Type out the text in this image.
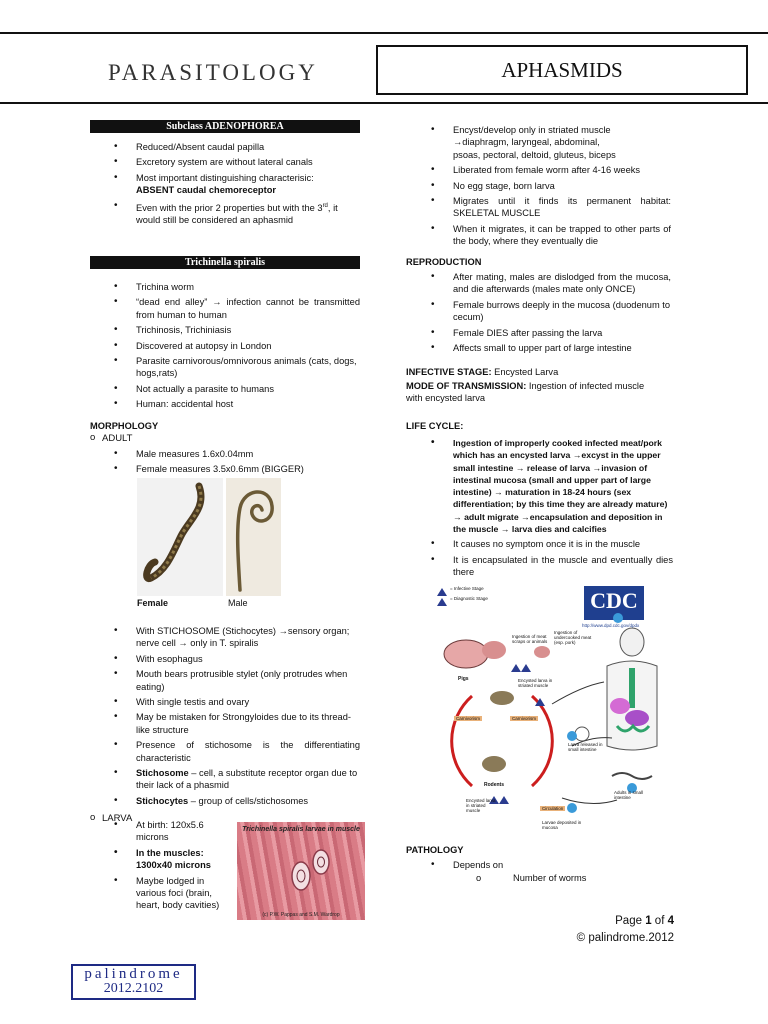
PARASITOLOGY	APHASMIDS
Subclass ADENOPHOREA
• Reduced/Absent caudal papilla
• Excretory system are without lateral canals
• Most important distinguishing characterisic:
ABSENT caudal chemoreceptor
• Even with the prior 2 properties but with the 3rd, it would still be considered an aphasmid
Trichinella spiralis
• Trichina worm
• “dead end alley” → infection cannot be transmitted from human to human
• Trichinosis, Trichiniasis
• Discovered at autopsy in London
• Parasite carnivorous/omnivorous animals (cats, dogs, hogs,rats)
• Not actually a parasite to humans
• Human: accidental host
MORPHOLOGY
o ADULT
• Male measures 1.6x0.04mm
• Female measures 3.5x0.6mm (BIGGER)
Female	Male
• With STICHOSOME (Stichocytes) →sensory organ; nerve cell → only in T. spiralis
• With esophagus
• Mouth bears protrusible stylet (only protrudes when eating)
• With single testis and ovary
• May be mistaken for Strongyloides due to its thread-like structure
• Presence of stichosome is the differentiating characteristic
• Stichosome – cell, a substitute receptor organ due to their lack of a phasmid
• Stichocytes – group of cells/stichosomes
o LARVA
• At birth: 120x5.6 microns
• In the muscles: 1300x40 microns
• Maybe lodged in various foci (brain, heart, body cavities)
Trichinella spiralis larvae in muscle
(c) P.W. Pappas and S.M. Wardrop
• Encyst/develop only in striated muscle
→diaphragm, laryngeal, abdominal,
psoas, pectoral, deltoid, gluteus, biceps
• Liberated from female worm after 4-16 weeks
• No egg stage, born larva
• Migrates until it finds its permanent habitat: SKELETAL MUSCLE
• When it migrates, it can be trapped to other parts of the body, where they eventually die
REPRODUCTION
• After mating, males are dislodged from the mucosa, and die afterwards (males mate only ONCE)
• Female burrows deeply in the mucosa (duodenum to cecum)
• Female DIES after passing the larva
• Affects small to upper part of large intestine
INFECTIVE STAGE: Encysted Larva
MODE OF TRANSMISSION: Ingestion of infected muscle with encysted larva
LIFE CYCLE:
• Ingestion of improperly cooked infected meat/pork which has an encysted larva →excyst in the upper small intestine → release of larva →invasion of intestinal mucosa (small and upper part of large intestine) → maturation in 18-24 hours (sex differentiation; by this time they are already mature) → adult migrate →encapsulation and deposition in the muscle → larva dies and calcifies
• It causes no symptom once it is in the muscle
• It is encapsulated in the muscle and eventually dies there
= Infective Stage
= Diagnostic Stage	CDC
http://www.dpd.cdc.gov/dpdx
Ingestion of meat scraps or animals
Ingestion of undercooked meat (esp. pork)
Encysted larva in striated muscle
Pigs
Carnivorism	Carnivorism
Rodents
Encysted larva in striated muscle
Larva released in small intestine
Adults in small intestine
Circulation
Larvae deposited in mucosa
PATHOLOGY
• Depends on
o	Number of worms
Page 1 of 4
© palindrome.2012
palindrome
2012.2102
